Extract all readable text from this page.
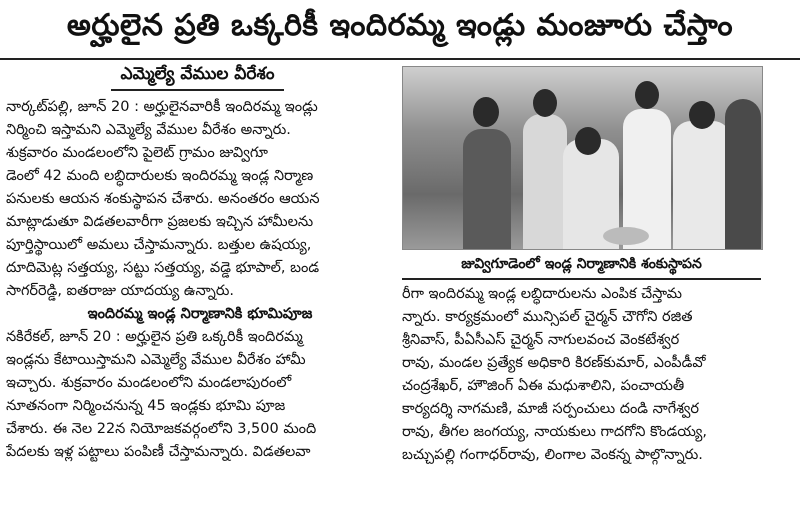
అర్హులైన ప్రతి ఒక్కరికీ ఇందిరమ్మ ఇండ్లు మంజూరు చేస్తాం
ఎమ్మెల్యే వేముల వీరేశం
నార్కట్‌పల్లి, జూన్ 20 : అర్హులైనవారికీ ఇందిరమ్మ ఇండ్లు
నిర్మించి ఇస్తామని ఎమ్మెల్యే వేముల వీరేశం అన్నారు.
శుక్రవారం మండలంలోని పైలెట్ గ్రామం జువ్విగూ
డెంలో 42 మంది లబ్ధిదారులకు ఇందిరమ్మ ఇండ్ల నిర్మాణ
పనులకు ఆయన శంకుస్థాపన చేశారు. అనంతరం ఆయన
మాట్లాడుతూ విడతలవారీగా ప్రజలకు ఇచ్చిన హామీలను
పూర్తిస్థాయిలో అమలు చేస్తామన్నారు. బత్తుల ఉషయ్య,
దూదిమెట్ల సత్తయ్య, సట్టు సత్తయ్య, వడ్డె భూపాల్, బండ
సాగర్‌రెడ్డి, ఐతరాజు యాదయ్య ఉన్నారు.
ఇందిరమ్మ ఇండ్ల నిర్మాణానికి భూమిపూజ
నకిరేకల్, జూన్ 20 : అర్హులైన ప్రతి ఒక్కరికీ ఇందిరమ్మ
ఇండ్లను కేటాయిస్తామని ఎమ్మెల్యే వేముల వీరేశం హామీ
ఇచ్చారు. శుక్రవారం మండలంలోని మండలాపురంలో
నూతనంగా నిర్మించనున్న 45 ఇండ్లకు భూమి పూజ
చేశారు. ఈ నెల 22న నియోజకవర్గంలోని 3,500 మంది
పేదలకు ఇళ్ల పట్టాలు పంపిణీ చేస్తామన్నారు. విడతలవా
జువ్విగూడెంలో ఇండ్ల నిర్మాణానికి శంకుస్థాపన
రీగా ఇందిరమ్మ ఇండ్ల లబ్ధిదారులను ఎంపిక చేస్తామ
న్నారు. కార్యక్రమంలో మున్సిపల్ చైర్మన్ చౌగోని రజిత
శ్రీనివాస్, పీఏసీఎస్ చైర్మన్ నాగులవంచ వెంకటేశ్వర
రావు, మండల ప్రత్యేక అధికారి కిరణ్‌కుమార్, ఎంపీడీవో
చంద్రశేఖర్, హౌజింగ్ ఏఈ మధుశాలిని, పంచాయతీ
కార్యదర్శి నాగమణి, మాజీ సర్పంచులు దండి నాగేశ్వర
రావు, తీగల జంగయ్య, నాయకులు గాదగోని కొండయ్య,
బచ్చుపల్లి గంగాధర్‌రావు, లింగాల వెంకన్న పాల్గొన్నారు.
